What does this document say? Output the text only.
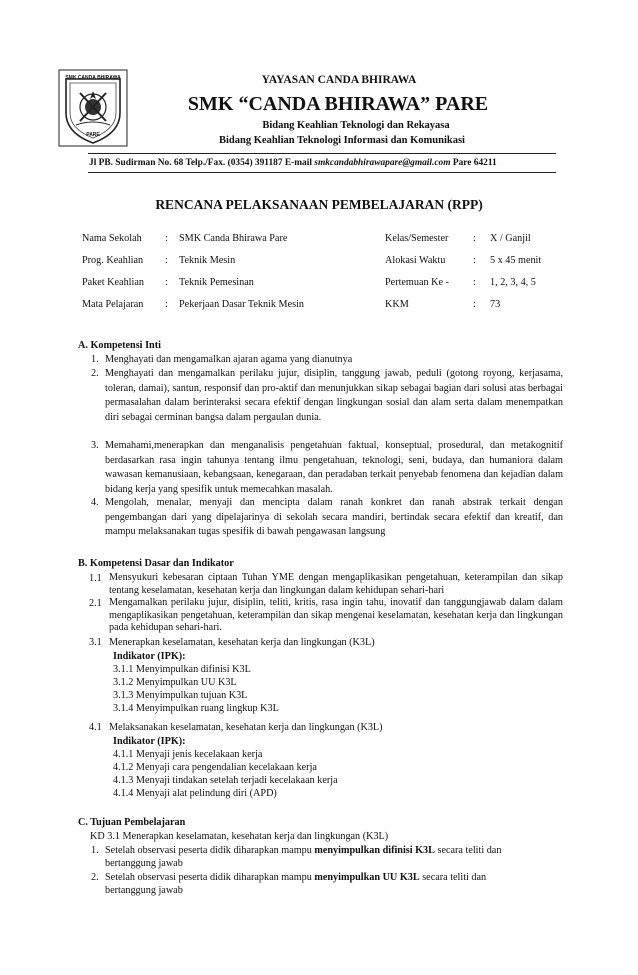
SMK CANDA BHIRAWA
PARE
YAYASAN CANDA BHIRAWA
SMK “CANDA BHIRAWA” PARE
Bidang Keahlian Teknologi dan Rekayasa
Bidang Keahlian Teknologi Informasi dan Komunikasi
Jl PB. Sudirman No. 68 Telp./Fax. (0354) 391187 E-mail smkcandabhirawapare@gmail.com Pare 64211
RENCANA PELAKSANAAN PEMBELAJARAN (RPP)
Nama Sekolah	:	SMK Canda Bhirawa Pare	Kelas/Semester	:	X / Ganjil
Prog. Keahlian	:	Teknik Mesin	Alokasi Waktu	:	5 x 45 menit
Paket Keahlian	:	Teknik Pemesinan	Pertemuan Ke -	:	1, 2, 3, 4, 5
Mata Pelajaran	:	Pekerjaan Dasar Teknik Mesin	KKM	:	73
A. Kompetensi Inti
1. Menghayati dan mengamalkan ajaran agama yang dianutnya
2. Menghayati dan mengamalkan perilaku jujur, disiplin, tanggung jawab, peduli (gotong royong, kerjasama, toleran, damai), santun, responsif dan pro-aktif dan menunjukkan sikap sebagai bagian dari solusi atas berbagai permasalahan dalam berinteraksi secara efektif dengan lingkungan sosial dan alam serta dalam menempatkan diri sebagai cerminan bangsa dalam pergaulan dunia.
3. Memahami,menerapkan dan menganalisis pengetahuan faktual, konseptual, prosedural, dan metakognitif berdasarkan rasa ingin tahunya tentang ilmu pengetahuan, teknologi, seni, budaya, dan humaniora dalam wawasan kemanusiaan, kebangsaan, kenegaraan, dan peradaban terkait penyebab fenomena dan kejadian dalam bidang kerja yang spesifik untuk memecahkan masalah.
4. Mengolah, menalar, menyaji dan mencipta dalam ranah konkret dan ranah abstrak terkait dengan pengembangan dari yang dipelajarinya di sekolah secara mandiri, bertindak secara efektif dan kreatif, dan mampu melaksanakan tugas spesifik di bawah pengawasan langsung
B. Kompetensi Dasar dan Indikator
1.1 Mensyukuri kebesaran ciptaan Tuhan YME dengan mengaplikasikan pengetahuan, keterampilan dan sikap tentang keselamatan, kesehatan kerja dan lingkungan dalam kehidupan sehari-hari
2.1 Mengamalkan perilaku jujur, disiplin, teliti, kritis, rasa ingin tahu, inovatif dan tanggungjawab dalam dalam mengaplikasikan pengetahuan, keterampilan dan sikap mengenai keselamatan, kesehatan kerja dan lingkungan pada kehidupan sehari-hari.
3.1 Menerapkan keselamatan, kesehatan kerja dan lingkungan (K3L)
Indikator (IPK):
3.1.1 Menyimpulkan difinisi K3L
3.1.2 Menyimpulkan UU K3L
3.1.3 Menyimpulkan tujuan K3L
3.1.4 Menyimpulkan ruang lingkup K3L
4.1 Melaksanakan keselamatan, kesehatan kerja dan lingkungan (K3L)
Indikator (IPK):
4.1.1 Menyaji jenis kecelakaan kerja
4.1.2 Menyaji cara pengendalian kecelakaan kerja
4.1.3 Menyaji tindakan setelah terjadi kecelakaan kerja
4.1.4 Menyaji alat pelindung diri (APD)
C. Tujuan Pembelajaran
KD 3.1 Menerapkan keselamatan, kesehatan kerja dan lingkungan (K3L)
1. Setelah observasi peserta didik diharapkan mampu menyimpulkan difinisi K3L secara teliti dan
bertanggung jawab
2. Setelah observasi peserta didik diharapkan mampu menyimpulkan UU K3L secara teliti dan
bertanggung jawab
